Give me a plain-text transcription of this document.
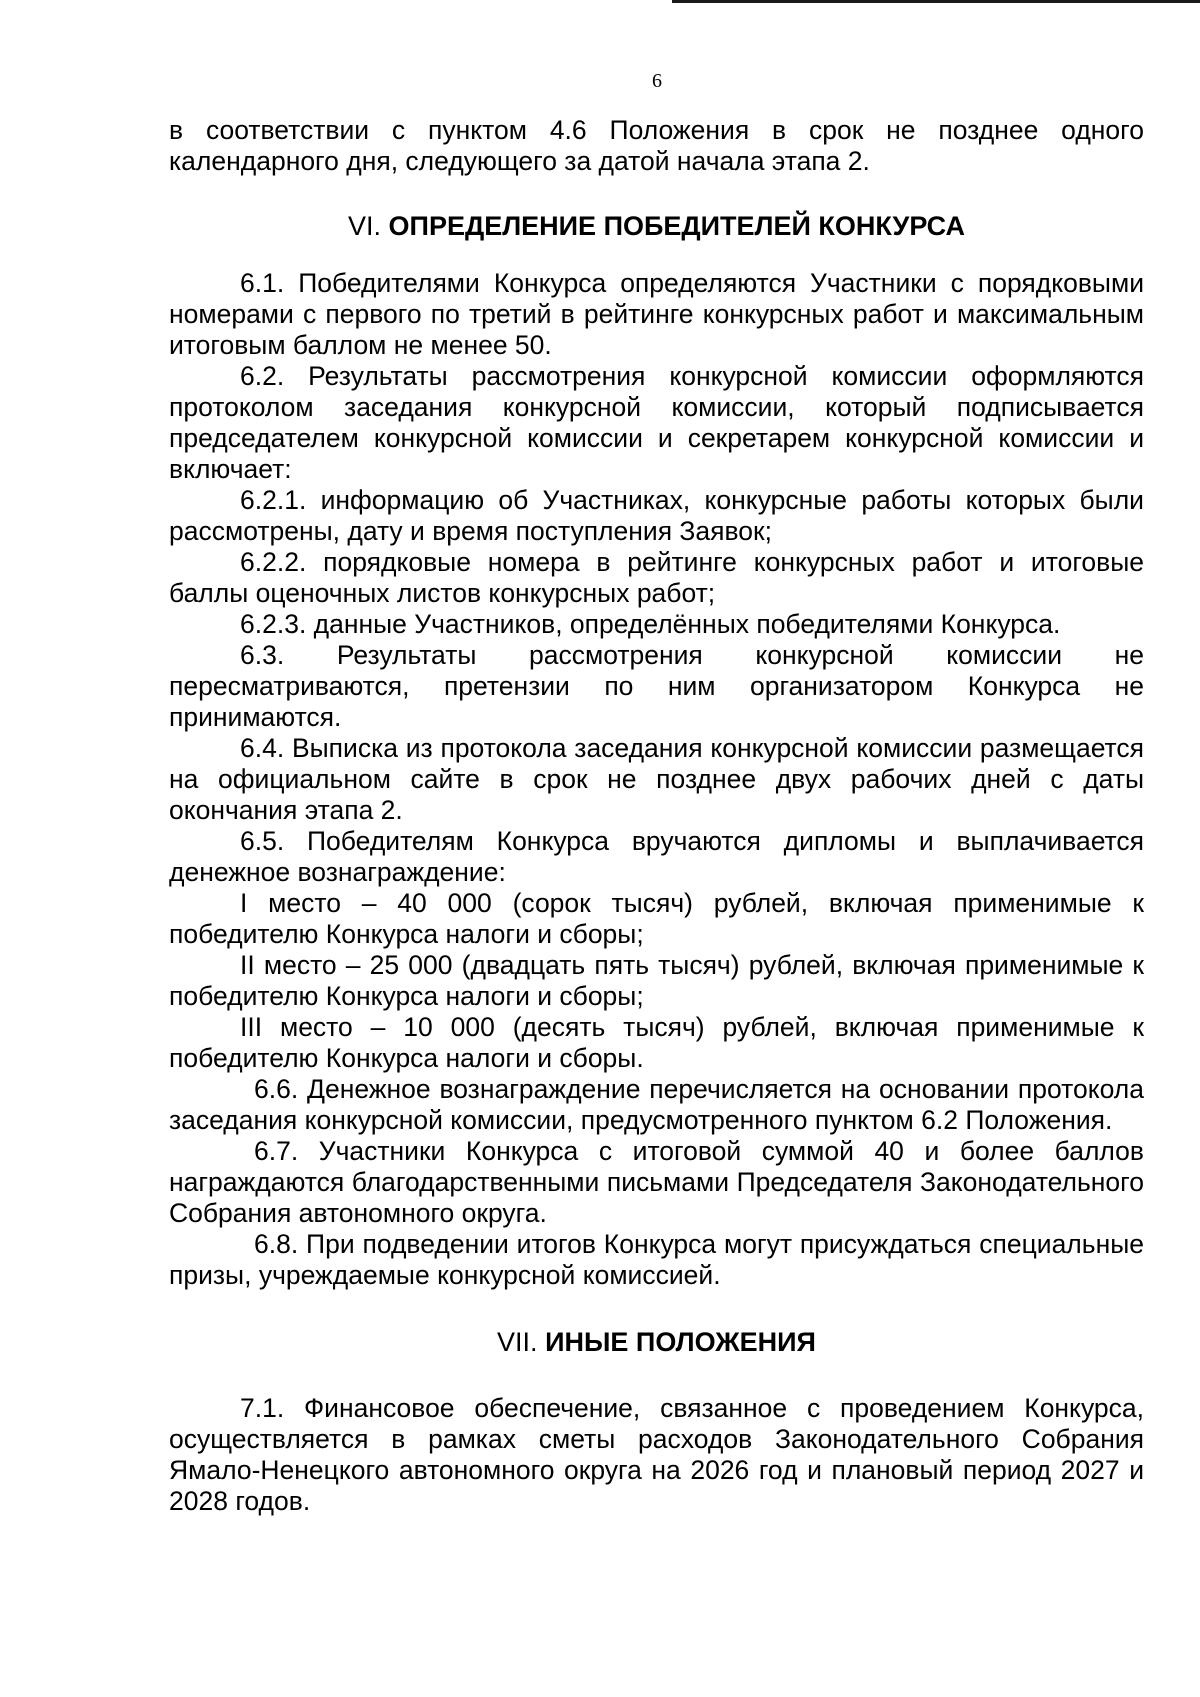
6

в соответствии с пунктом 4.6 Положения в срок не позднее одного календарного дня, следующего за датой начала этапа 2.

VI. ОПРЕДЕЛЕНИЕ ПОБЕДИТЕЛЕЙ КОНКУРСА

6.1. Победителями Конкурса определяются Участники с порядковыми номерами с первого по третий в рейтинге конкурсных работ и максимальным итоговым баллом не менее 50.

6.2. Результаты рассмотрения конкурсной комиссии оформляются протоколом заседания конкурсной комиссии, который подписывается председателем конкурсной комиссии и секретарем конкурсной комиссии и включает:

6.2.1. информацию об Участниках, конкурсные работы которых были рассмотрены, дату и время поступления Заявок;

6.2.2. порядковые номера в рейтинге конкурсных работ и итоговые баллы оценочных листов конкурсных работ;

6.2.3. данные Участников, определённых победителями Конкурса.

6.3. Результаты рассмотрения конкурсной комиссии не пересматриваются, претензии по ним организатором Конкурса не принимаются.

6.4. Выписка из протокола заседания конкурсной комиссии размещается на официальном сайте в срок не позднее двух рабочих дней с даты окончания этапа 2.

6.5. Победителям Конкурса вручаются дипломы и выплачивается денежное вознаграждение:

I место – 40 000 (сорок тысяч) рублей, включая применимые к победителю Конкурса налоги и сборы;

II место – 25 000 (двадцать пять тысяч) рублей, включая применимые к победителю Конкурса налоги и сборы;

III место – 10 000 (десять тысяч) рублей, включая применимые к победителю Конкурса налоги и сборы.

6.6. Денежное вознаграждение перечисляется на основании протокола заседания конкурсной комиссии, предусмотренного пунктом 6.2 Положения.

6.7. Участники Конкурса с итоговой суммой 40 и более баллов награждаются благодарственными письмами Председателя Законодательного Собрания автономного округа.

6.8. При подведении итогов Конкурса могут присуждаться специальные призы, учреждаемые конкурсной комиссией.

VII. ИНЫЕ ПОЛОЖЕНИЯ

7.1. Финансовое обеспечение, связанное с проведением Конкурса, осуществляется в рамках сметы расходов Законодательного Собрания Ямало-Ненецкого автономного округа на 2026 год и плановый период 2027 и 2028 годов.
